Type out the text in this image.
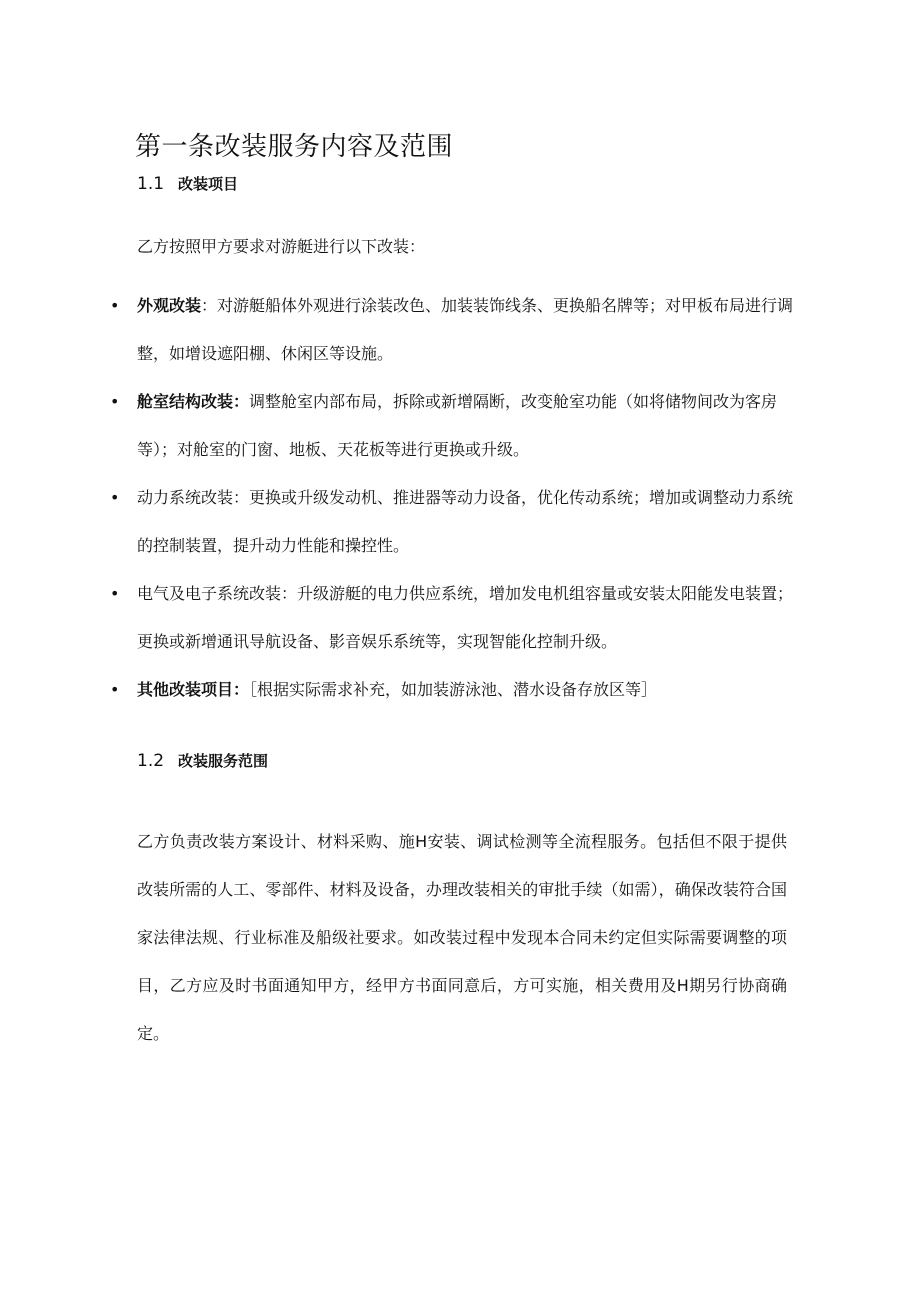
第一条改装服务内容及范围
1.1 改装项目

乙方按照甲方要求对游艇进行以下改装：

• 外观改装：对游艇船体外观进行涂装改色、加装装饰线条、更换船名牌等；对甲板布局进行调整，如增设遮阳棚、休闲区等设施。
• 舱室结构改装：调整舱室内部布局，拆除或新增隔断，改变舱室功能（如将储物间改为客房等）；对舱室的门窗、地板、天花板等进行更换或升级。
• 动力系统改装：更换或升级发动机、推进器等动力设备，优化传动系统；增加或调整动力系统的控制装置，提升动力性能和操控性。
• 电气及电子系统改装：升级游艇的电力供应系统，增加发电机组容量或安装太阳能发电装置；更换或新增通讯导航设备、影音娱乐系统等，实现智能化控制升级。
• 其他改装项目：［根据实际需求补充，如加装游泳池、潜水设备存放区等］
1.2 改装服务范围

乙方负责改装方案设计、材料采购、施H安装、调试检测等全流程服务。包括但不限于提供改装所需的人工、零部件、材料及设备，办理改装相关的审批手续（如需），确保改装符合国家法律法规、行业标准及船级社要求。如改装过程中发现本合同未约定但实际需要调整的项目，乙方应及时书面通知甲方，经甲方书面同意后，方可实施，相关费用及H期另行协商确定。
